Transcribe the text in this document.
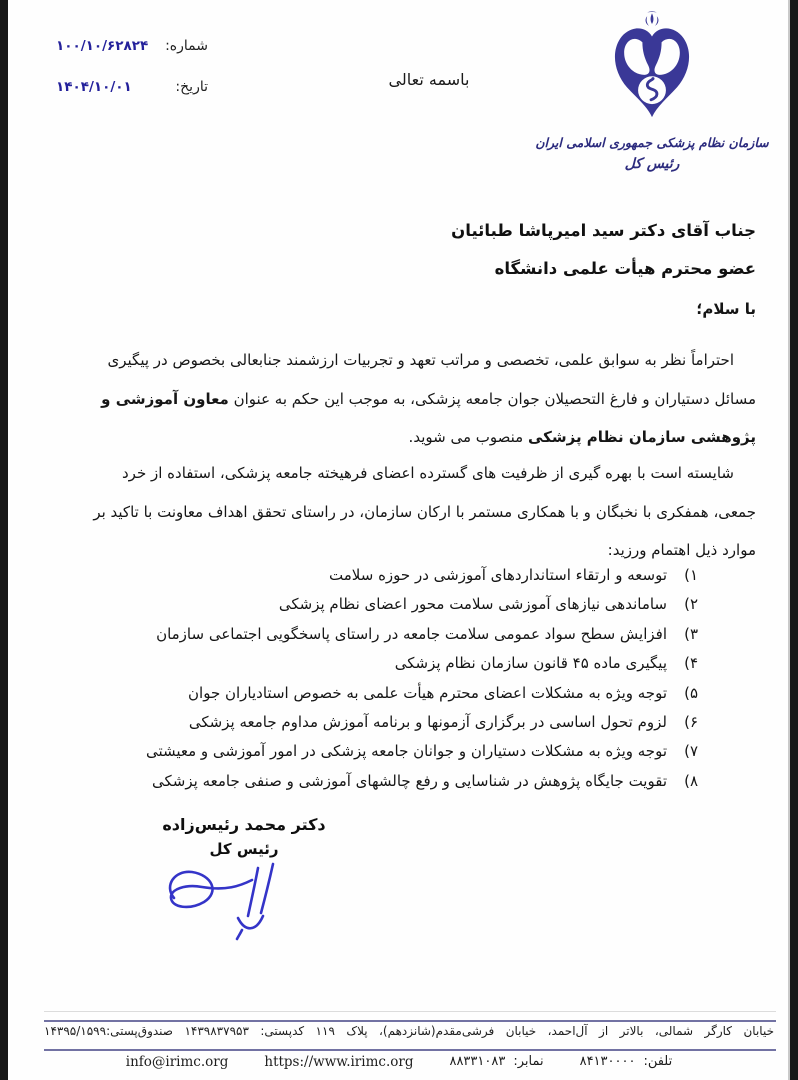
شماره:
۱۰۰/۱۰/۶۲۸۲۴
تاریخ:
۱۴۰۴/۱۰/۰۱	باسمه تعالی
سازمان نظام پزشکی جمهوری اسلامی ایران
رئیس کل
جناب آقای دکتر سید امیرپاشا طبائیان
عضو محترم هیأت علمی دانشگاه
با سلام؛
احتراماً نظر به سوابق علمی، تخصصی و مراتب تعهد و تجربیات ارزشمند جنابعالی بخصوص در پیگیری
مسائل دستیاران و فارغ التحصیلان جوان جامعه پزشکی، به موجب این حکم به عنوان معاون آموزشی و
پژوهشی سازمان نظام پزشکی منصوب می شوید.
شایسته است با بهره گیری از ظرفیت های گسترده اعضای فرهیخته جامعه پزشکی، استفاده از خرد
جمعی، همفکری با نخبگان و با همکاری مستمر با ارکان سازمان، در راستای تحقق اهداف معاونت با تاکید بر
موارد ذیل اهتمام ورزید:
۱)
توسعه و ارتقاء استانداردهای آموزشی در حوزه سلامت
۲)
ساماندهی نیازهای آموزشی سلامت محور اعضای نظام پزشکی
۳)
افزایش سطح سواد عمومی سلامت جامعه در راستای پاسخگویی اجتماعی سازمان
۴)
پیگیری ماده ۴۵ قانون سازمان نظام پزشکی
۵)
توجه ویژه به مشکلات اعضای محترم هیأت علمی به خصوص استادیاران جوان
۶)
لزوم تحول اساسی در برگزاری آزمونها و برنامه آموزش مداوم جامعه پزشکی
۷)
توجه ویژه به مشکلات دستیاران و جوانان جامعه پزشکی در امور آموزشی و معیشتی
۸)
تقویت جایگاه پژوهش در شناسایی و رفع چالشهای آموزشی و صنفی جامعه پزشکی
دکتر محمد رئیس‌زاده
رئیس کل
خیابان کارگر شمالی، بالاتر از آل‌احمد، خیابان فرشی‌مقدم(شانزدهم)، پلاک ۱۱۹ کدپستی: ۱۴۳۹۸۳۷۹۵۳ صندوق‌پستی:۱۴۳۹۵/۱۵۹۹
تلفن:
۸۴۱۳۰۰۰۰
نمابر:
۸۸۳۳۱۰۸۳
https://www.irimc.org
info@irimc.org
